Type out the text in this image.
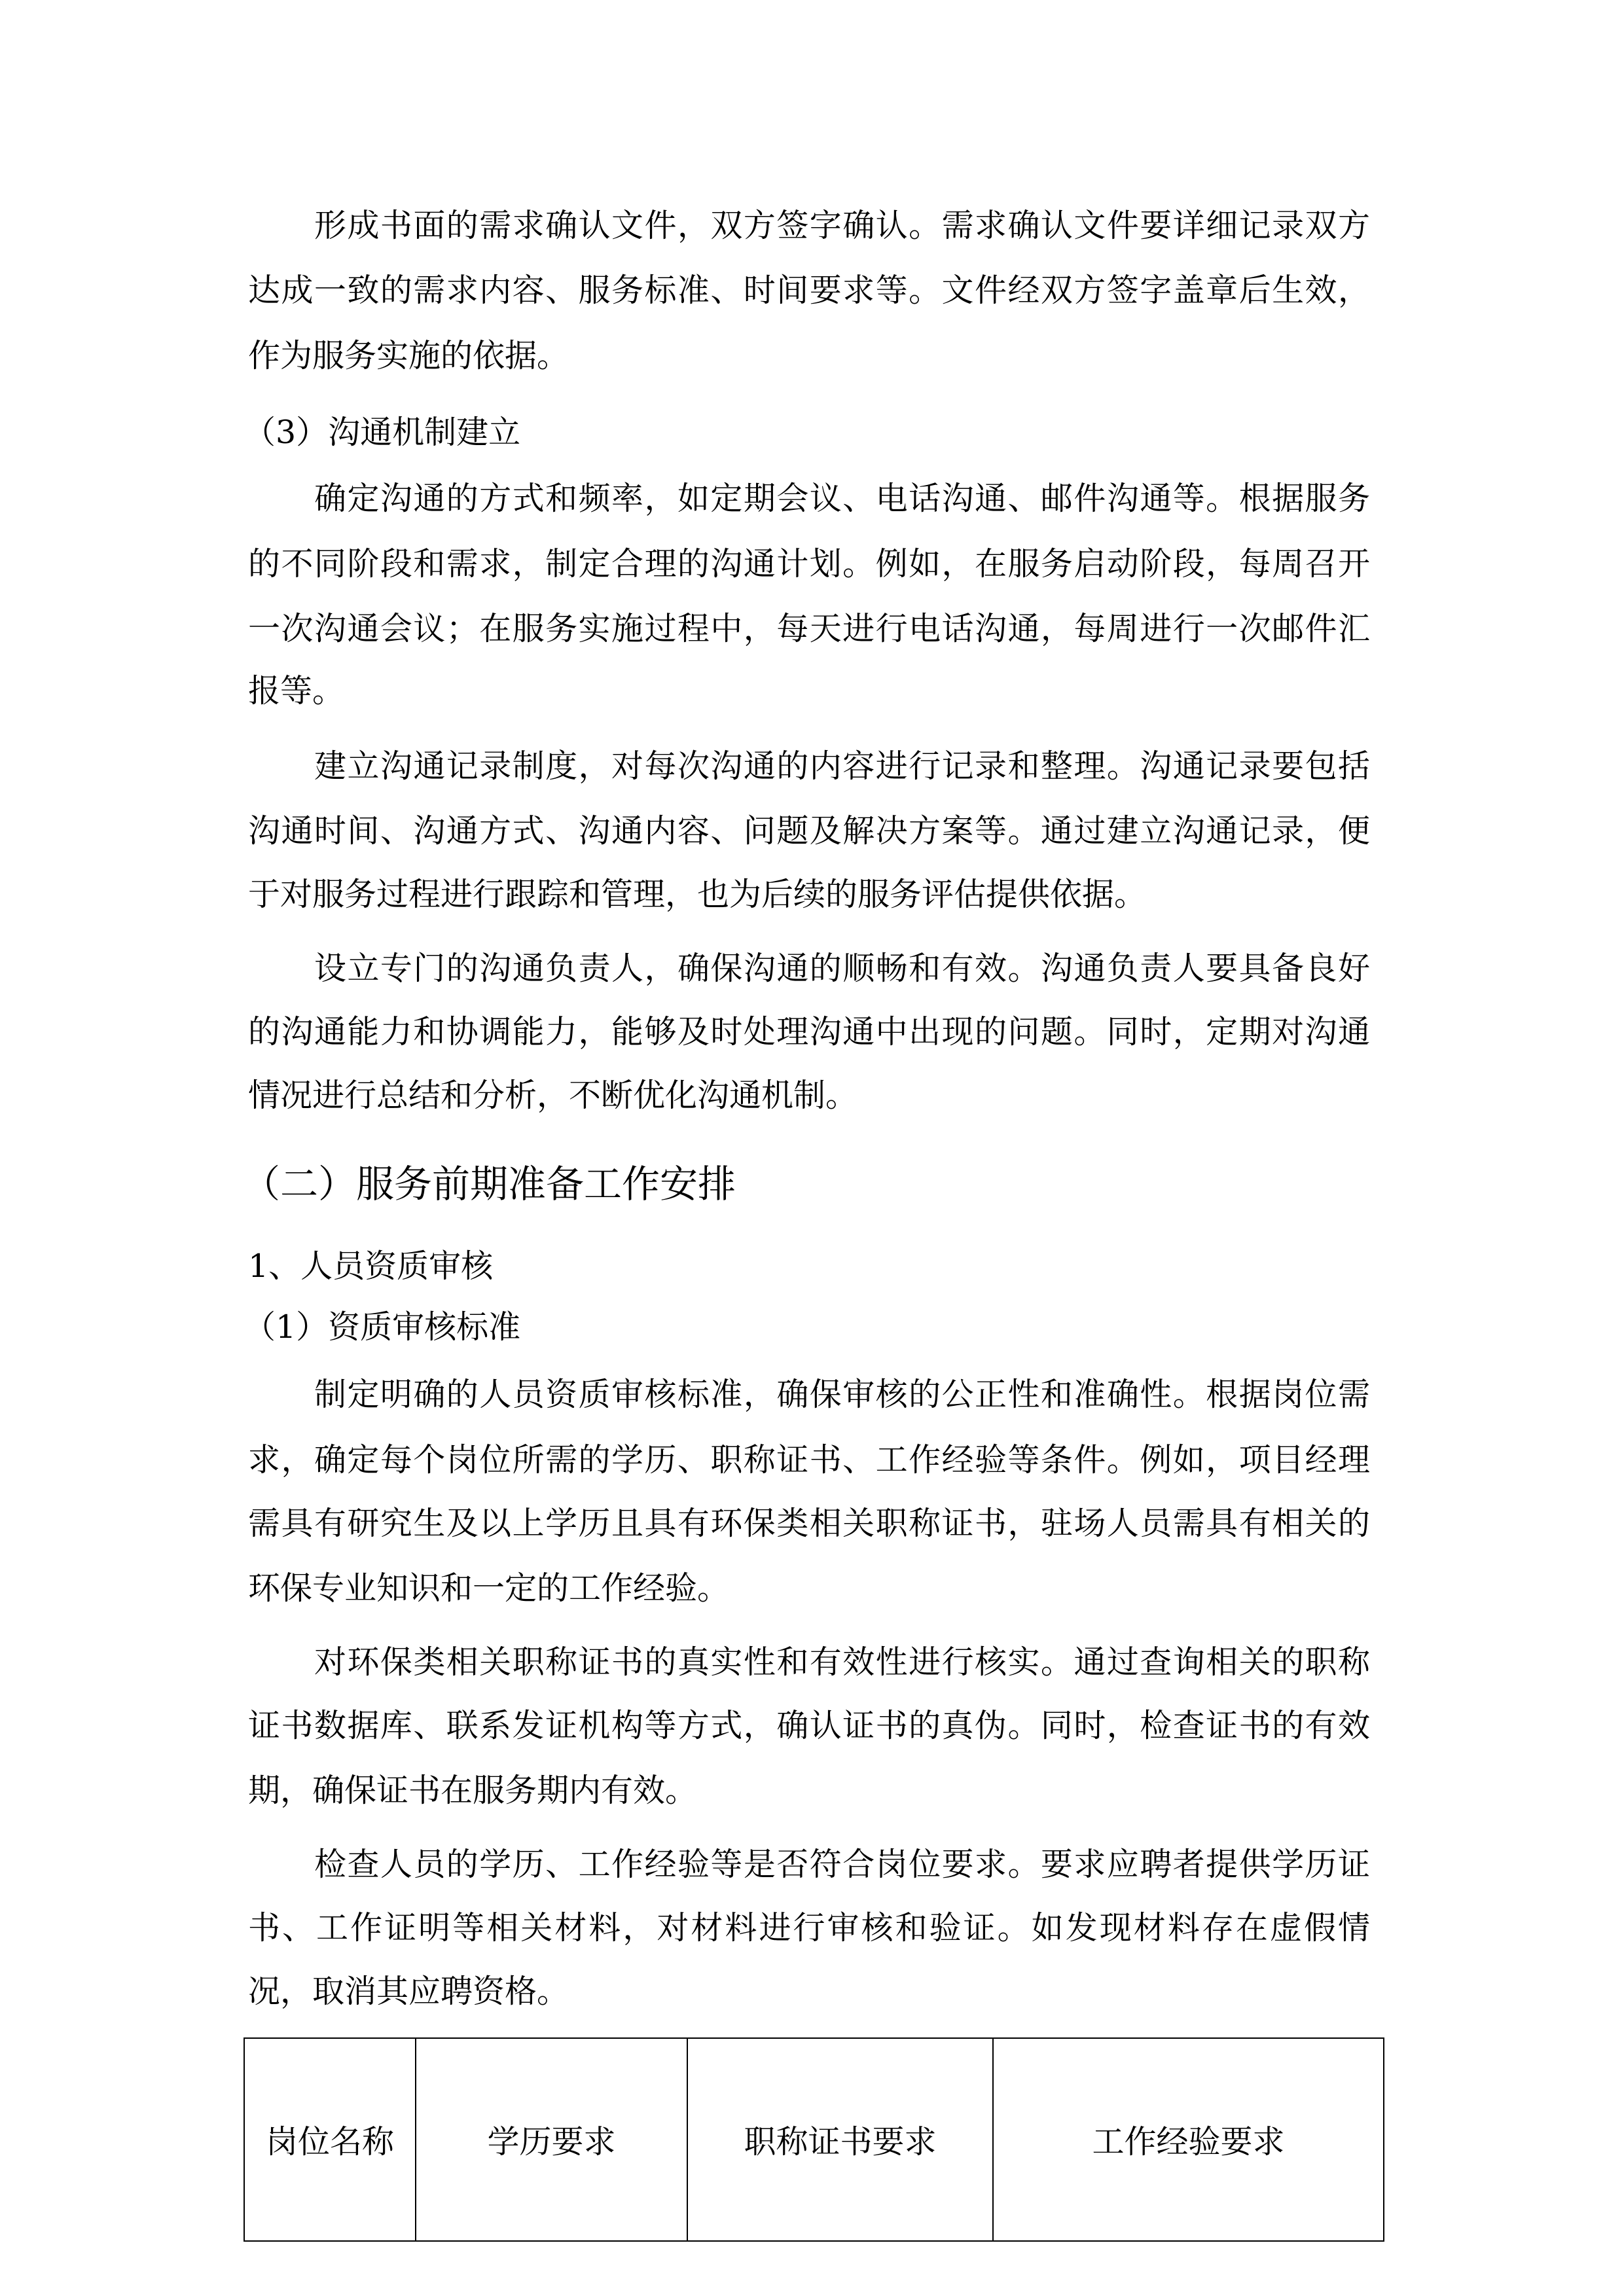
形成书面的需求确认文件，双方签字确认。需求确认文件要详细记录双方
达成一致的需求内容、服务标准、时间要求等。文件经双方签字盖章后生效，
作为服务实施的依据。
（3）沟通机制建立
确定沟通的方式和频率，如定期会议、电话沟通、邮件沟通等。根据服务
的不同阶段和需求，制定合理的沟通计划。例如，在服务启动阶段，每周召开
一次沟通会议；在服务实施过程中，每天进行电话沟通，每周进行一次邮件汇
报等。
建立沟通记录制度，对每次沟通的内容进行记录和整理。沟通记录要包括
沟通时间、沟通方式、沟通内容、问题及解决方案等。通过建立沟通记录，便
于对服务过程进行跟踪和管理，也为后续的服务评估提供依据。
设立专门的沟通负责人，确保沟通的顺畅和有效。沟通负责人要具备良好
的沟通能力和协调能力，能够及时处理沟通中出现的问题。同时，定期对沟通
情况进行总结和分析，不断优化沟通机制。
（二）服务前期准备工作安排
1、人员资质审核
（1）资质审核标准
制定明确的人员资质审核标准，确保审核的公正性和准确性。根据岗位需
求，确定每个岗位所需的学历、职称证书、工作经验等条件。例如，项目经理
需具有研究生及以上学历且具有环保类相关职称证书，驻场人员需具有相关的
环保专业知识和一定的工作经验。
对环保类相关职称证书的真实性和有效性进行核实。通过查询相关的职称
证书数据库、联系发证机构等方式，确认证书的真伪。同时，检查证书的有效
期，确保证书在服务期内有效。
检查人员的学历、工作经验等是否符合岗位要求。要求应聘者提供学历证
书、工作证明等相关材料，对材料进行审核和验证。如发现材料存在虚假情
况，取消其应聘资格。
岗位名称	学历要求	职称证书要求	工作经验要求
